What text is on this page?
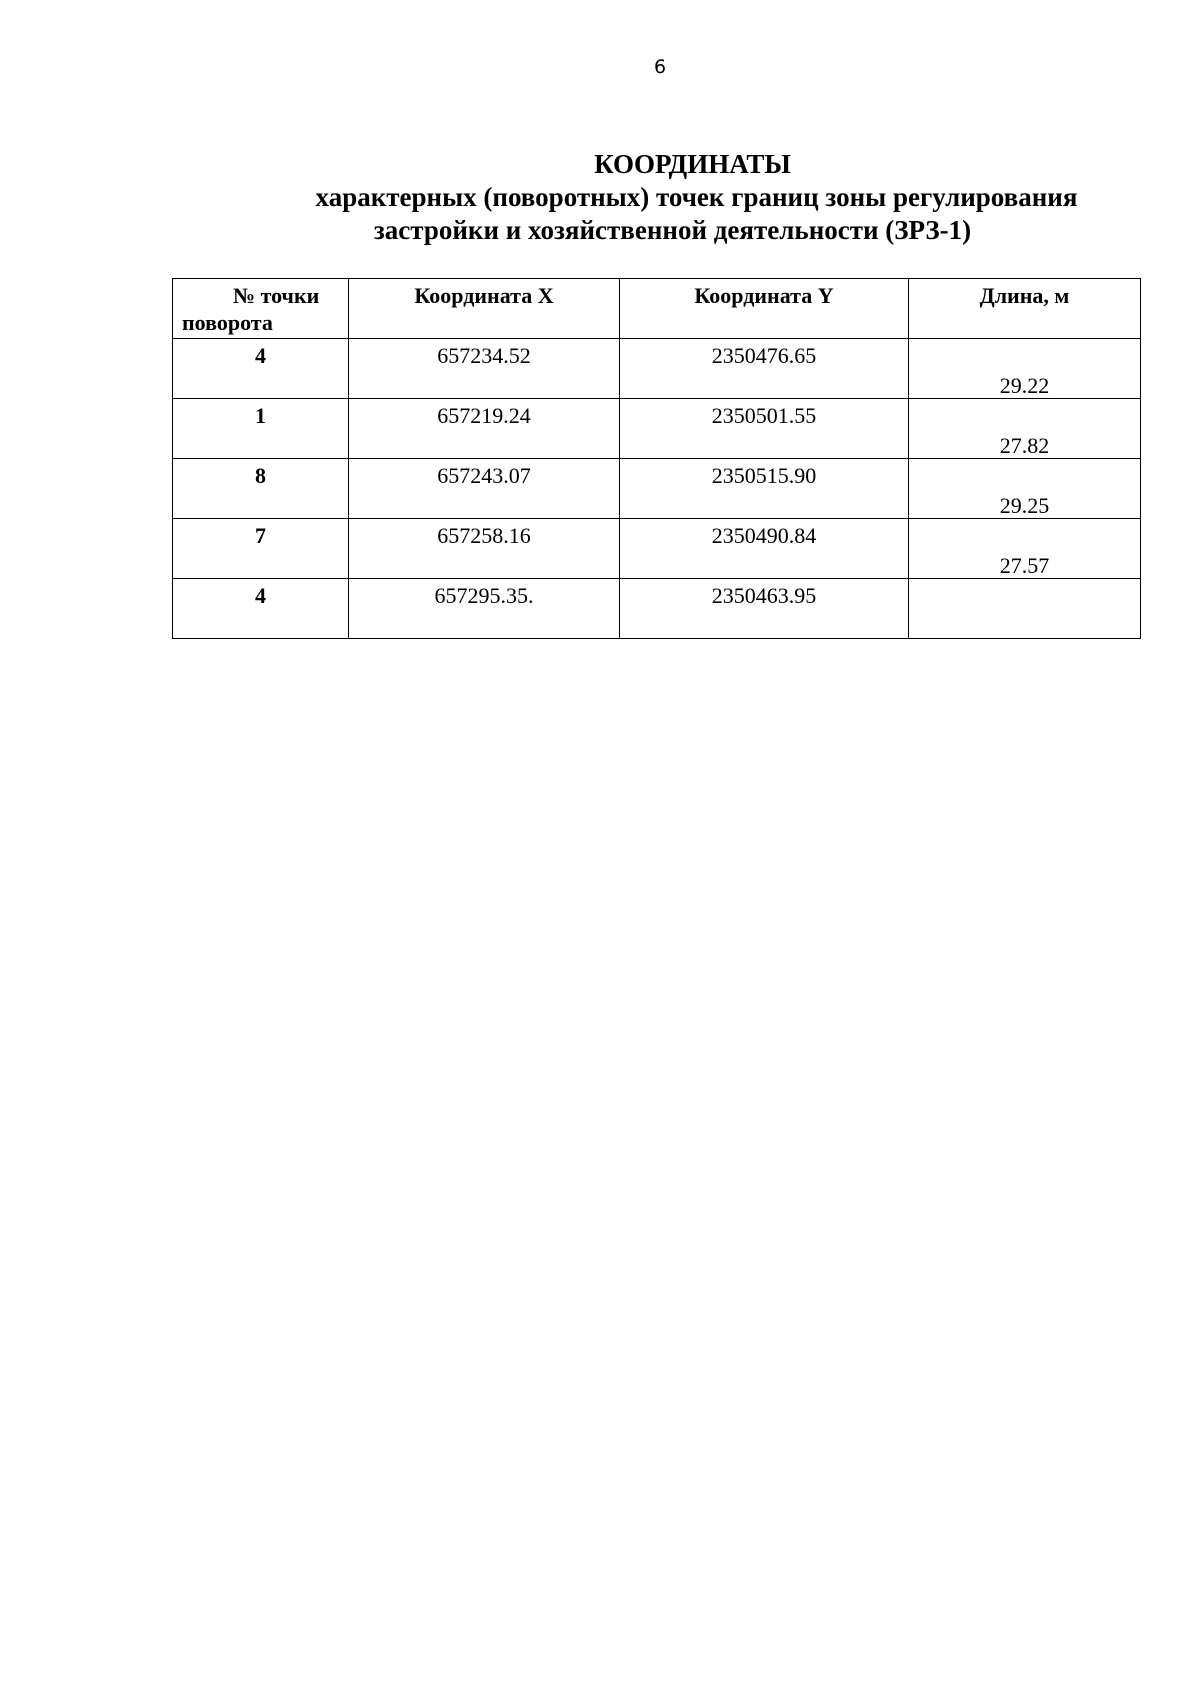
6
КООРДИНАТЫ
характерных (поворотных) точек границ зоны регулирования
застройки и хозяйственной деятельности (ЗРЗ-1)
№ точки
поворота	Координата X	Координата Y	Длина, м
4	657234.52	2350476.65	29.22

1	657219.24	2350501.55	27.82

8	657243.07	2350515.90	29.25

7	657258.16	2350490.84	27.57

4	657295.35.	2350463.95	
